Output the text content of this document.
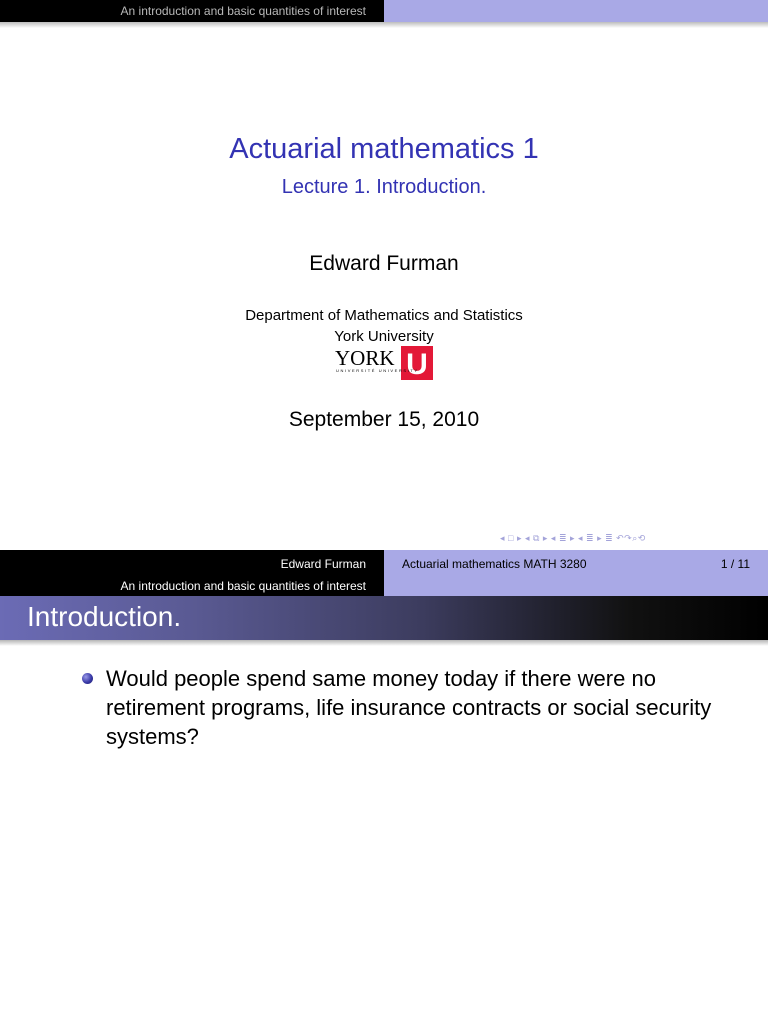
An introduction and basic quantities of interest
Actuarial mathematics 1
Lecture 1. Introduction.
Edward Furman
Department of Mathematics and Statistics
York University
YORK U
UNIVERSITÉ UNIVERSITY
September 15, 2010
◂ □ ▸ ◂ ⧉ ▸ ◂ ≣ ▸ ◂ ≣ ▸ ≣ ↶↷⌕⟲
Edward Furman
An introduction and basic quantities of interest
Actuarial mathematics MATH 3280	1 / 11
Introduction.
Would people spend same money today if there were no retirement programs, life insurance contracts or social security systems?
